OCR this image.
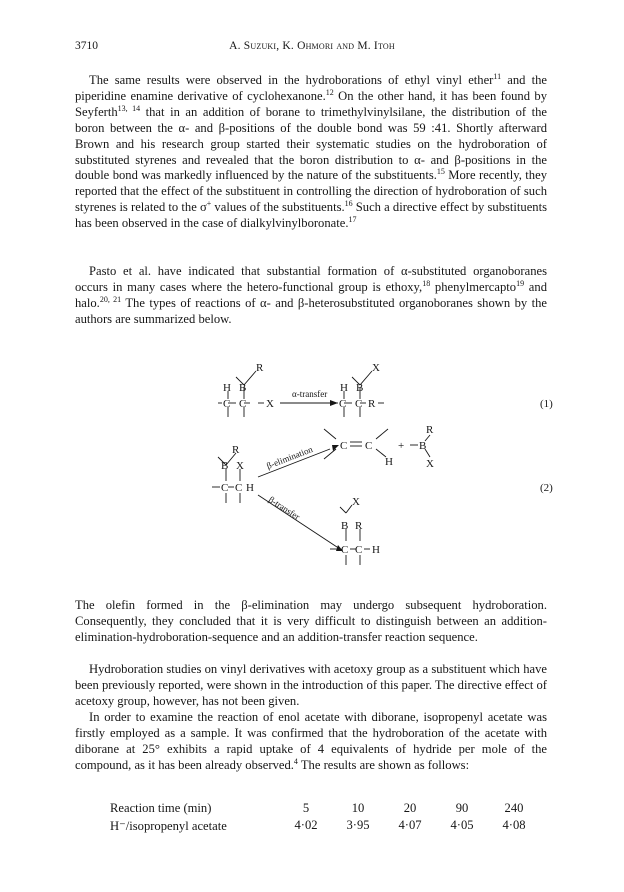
3710	A. Suzuki, K. Ohmori and M. Itoh

The same results were observed in the hydroborations of ethyl vinyl ether$^{11}$ and the piperidine enamine derivative of cyclohexanone.$^{12}$ On the other hand, it has been found by Seyferth$^{13, 14}$ that in an addition of borane to trimethylvinylsilane, the distribution of the boron between the α- and β-positions of the double bond was 59 :41. Shortly afterward Brown and his research group started their systematic studies on the hydroboration of substituted styrenes and revealed that the boron distribution to α- and β-positions in the double bond was markedly influenced by the nature of the substituents.$^{15}$ More recently, they reported that the effect of the substituent in controlling the direction of hydroboration of such styrenes is related to the σ+ values of the substituents.$^{16}$ Such a directive effect by substituents has been observed in the case of dialkylvinylboronate.$^{17}$

Pasto et al. have indicated that substantial formation of α-substituted organoboranes occurs in many cases where the hetero-functional group is ethoxy,$^{18}$ phenylmercapto$^{19}$ and halo.$^{20, 21}$ The types of reactions of α- and β-heterosubstituted organoboranes shown by the authors are summarized below.

R
H B
C C X
α-transfer
X
H B
C C R	(1)
R
B X
C C H	(2)
β-elimination
β-transfer
C C
H
+ B
R
X
X
B R
C C H

The olefin formed in the β-elimination may undergo subsequent hydroboration. Consequently, they concluded that it is very difficult to distinguish between an addition-elimination-hydroboration-sequence and an addition-transfer reaction sequence.

Hydroboration studies on vinyl derivatives with acetoxy group as a substituent which have been previously reported, were shown in the introduction of this paper. The directive effect of acetoxy group, however, has not been given.

In order to examine the reaction of enol acetate with diborane, isopropenyl acetate was firstly employed as a sample. It was confirmed that the hydroboration of the acetate with diborane at 25° exhibits a rapid uptake of 4 equivalents of hydride per mole of the compound, as it has been already observed.$^4$ The results are shown as follows:

Reaction time (min)	5	10	20	90	240
H⁻/isopropenyl acetate	4·02	3·95	4·07	4·05	4·08
